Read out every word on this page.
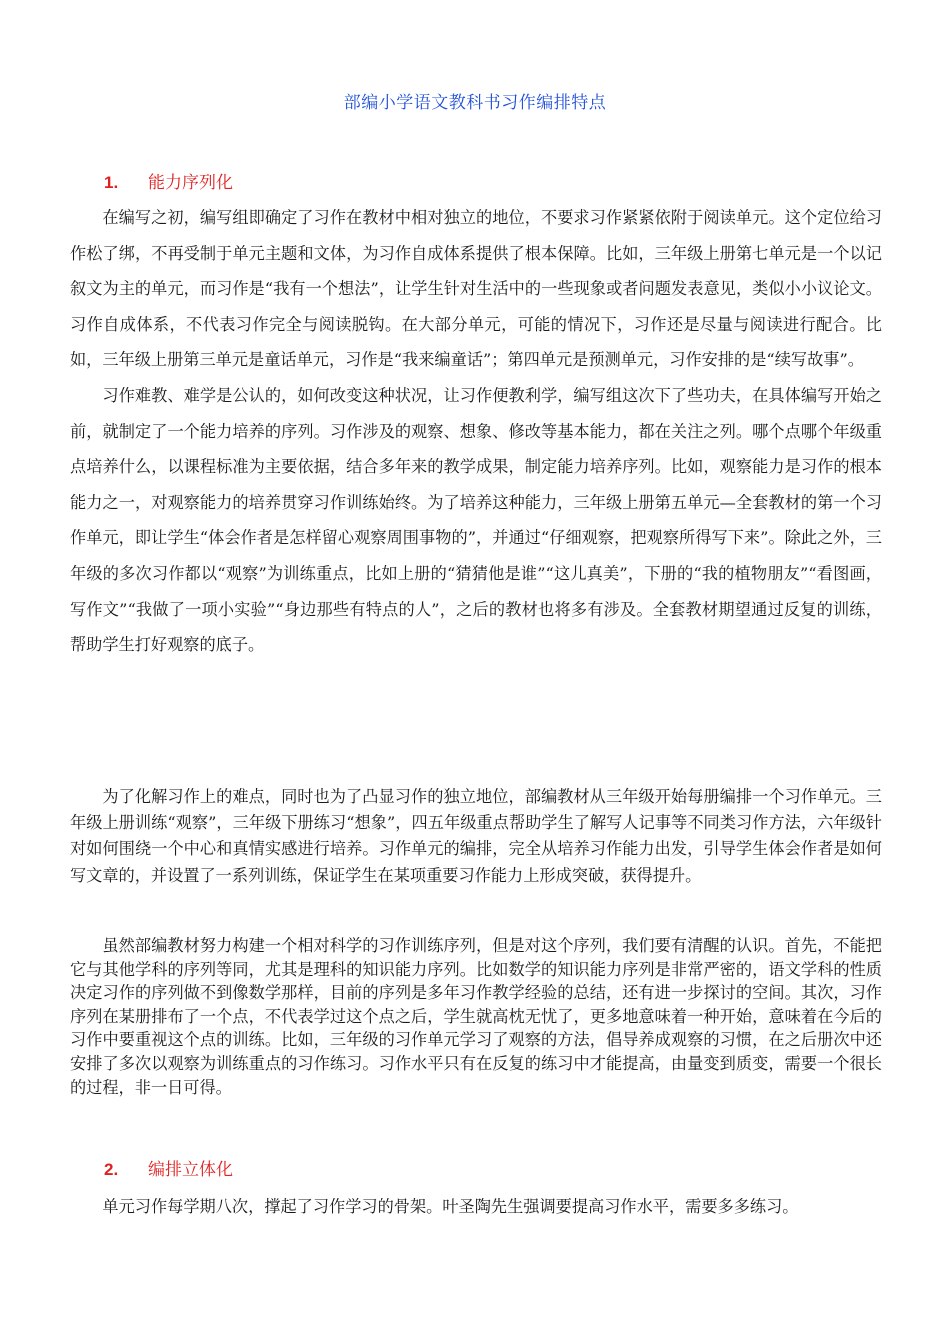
部编小学语文教科书习作编排特点
1. 能力序列化

在编写之初，编写组即确定了习作在教材中相对独立的地位，不要求习作紧紧依附于阅读单元。这个定位给习作松了绑，不再受制于单元主题和文体，为习作自成体系提供了根本保障。比如，三年级上册第七单元是一个以记叙文为主的单元，而习作是“我有一个想法”，让学生针对生活中的一些现象或者问题发表意见，类似小小议论文。习作自成体系，不代表习作完全与阅读脱钩。在大部分单元，可能的情况下，习作还是尽量与阅读进行配合。比如，三年级上册第三单元是童话单元，习作是“我来编童话”；第四单元是预测单元，习作安排的是“续写故事”。

习作难教、难学是公认的，如何改变这种状况，让习作便教利学，编写组这次下了些功夫，在具体编写开始之前，就制定了一个能力培养的序列。习作涉及的观察、想象、修改等基本能力，都在关注之列。哪个点哪个年级重点培养什么，以课程标准为主要依据，结合多年来的教学成果，制定能力培养序列。比如，观察能力是习作的根本能力之一，对观察能力的培养贯穿习作训练始终。为了培养这种能力，三年级上册第五单元—全套教材的第一个习作单元，即让学生“体会作者是怎样留心观察周围事物的”，并通过“仔细观察，把观察所得写下来”。除此之外，三年级的多次习作都以“观察”为训练重点，比如上册的“猜猜他是谁”“这儿真美”，下册的“我的植物朋友”“看图画，写作文”“我做了一项小实验”“身边那些有特点的人”，之后的教材也将多有涉及。全套教材期望通过反复的训练，帮助学生打好观察的底子。

为了化解习作上的难点，同时也为了凸显习作的独立地位，部编教材从三年级开始每册编排一个习作单元。三年级上册训练“观察”，三年级下册练习“想象”，四五年级重点帮助学生了解写人记事等不同类习作方法，六年级针对如何围绕一个中心和真情实感进行培养。习作单元的编排，完全从培养习作能力出发，引导学生体会作者是如何写文章的，并设置了一系列训练，保证学生在某项重要习作能力上形成突破，获得提升。

虽然部编教材努力构建一个相对科学的习作训练序列，但是对这个序列，我们要有清醒的认识。首先，不能把它与其他学科的序列等同，尤其是理科的知识能力序列。比如数学的知识能力序列是非常严密的，语文学科的性质决定习作的序列做不到像数学那样，目前的序列是多年习作教学经验的总结，还有进一步探讨的空间。其次，习作序列在某册排布了一个点，不代表学过这个点之后，学生就高枕无忧了，更多地意味着一种开始，意味着在今后的习作中要重视这个点的训练。比如，三年级的习作单元学习了观察的方法，倡导养成观察的习惯，在之后册次中还安排了多次以观察为训练重点的习作练习。习作水平只有在反复的练习中才能提高，由量变到质变，需要一个很长的过程，非一日可得。

2. 编排立体化

单元习作每学期八次，撑起了习作学习的骨架。叶圣陶先生强调要提高习作水平，需要多多练习。
